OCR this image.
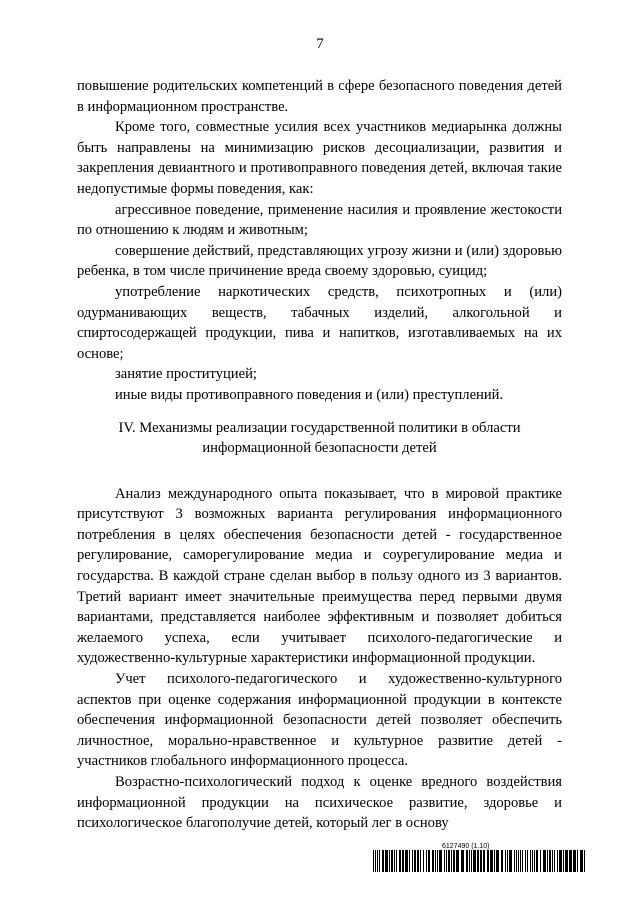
7

повышение родительских компетенций в сфере безопасного поведения детей в информационном пространстве.

Кроме того, совместные усилия всех участников медиарынка должны быть направлены на минимизацию рисков десоциализации, развития и закрепления девиантного и противоправного поведения детей, включая такие недопустимые формы поведения, как:

агрессивное поведение, применение насилия и проявление жестокости по отношению к людям и животным;

совершение действий, представляющих угрозу жизни и (или) здоровью ребенка, в том числе причинение вреда своему здоровью, суицид;

употребление наркотических средств, психотропных и (или) одурманивающих веществ, табачных изделий, алкогольной и спиртосодержащей продукции, пива и напитков, изготавливаемых на их основе;

занятие проституцией;

иные виды противоправного поведения и (или) преступлений.

IV. Механизмы реализации государственной политики в области информационной безопасности детей

Анализ международного опыта показывает, что в мировой практике присутствуют 3 возможных варианта регулирования информационного потребления в целях обеспечения безопасности детей - государственное регулирование, саморегулирование медиа и соурегулирование медиа и государства. В каждой стране сделан выбор в пользу одного из 3 вариантов. Третий вариант имеет значительные преимущества перед первыми двумя вариантами, представляется наиболее эффективным и позволяет добиться желаемого успеха, если учитывает психолого-педагогические и художественно-культурные характеристики информационной продукции.

Учет психолого-педагогического и художественно-культурного аспектов при оценке содержания информационной продукции в контексте обеспечения информационной безопасности детей позволяет обеспечить личностное, морально-нравственное и культурное развитие детей - участников глобального информационного процесса.

Возрастно-психологический подход к оценке вредного воздействия информационной продукции на психическое развитие, здоровье и психологическое благополучие детей, который лег в основу

6127490 (1.10)
